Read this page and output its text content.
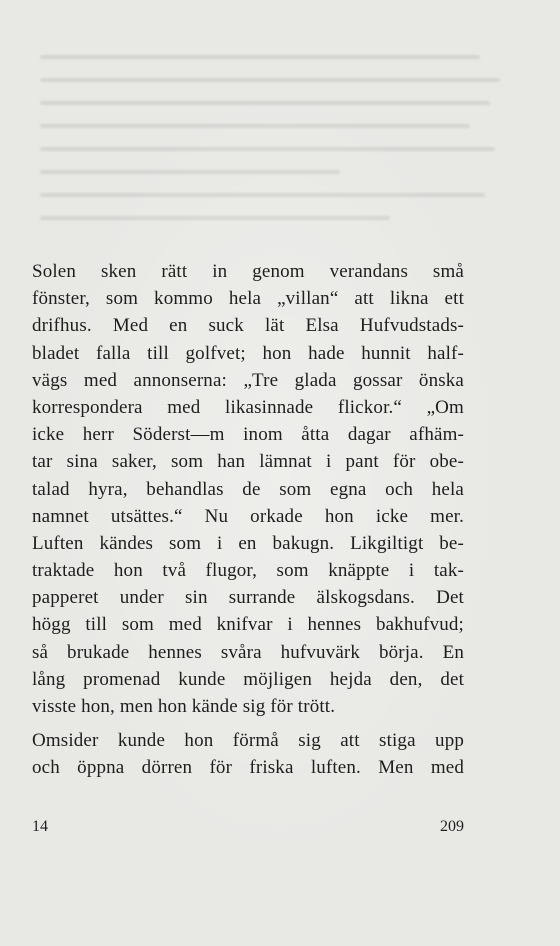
Solen sken rätt in genom verandans små
fönster, som kommo hela „villan“ att likna ett
drifhus. Med en suck lät Elsa Hufvudstads-
bladet falla till golfvet; hon hade hunnit half-
vägs med annonserna: „Tre glada gossar önska
korrespondera med likasinnade flickor.“ „Om
icke herr Söderst—m inom åtta dagar afhäm-
tar sina saker, som han lämnat i pant för obe-
talad hyra, behandlas de som egna och hela
namnet utsättes.“ Nu orkade hon icke mer.
Luften kändes som i en bakugn. Likgiltigt be-
traktade hon två flugor, som knäppte i tak-
papperet under sin surrande älskogsdans. Det
högg till som med knifvar i hennes bakhufvud;
så brukade hennes svåra hufvuvärk börja. En
lång promenad kunde möjligen hejda den, det
visste hon, men hon kände sig för trött.
Omsider kunde hon förmå sig att stiga upp
och öppna dörren för friska luften. Men med
14	209
